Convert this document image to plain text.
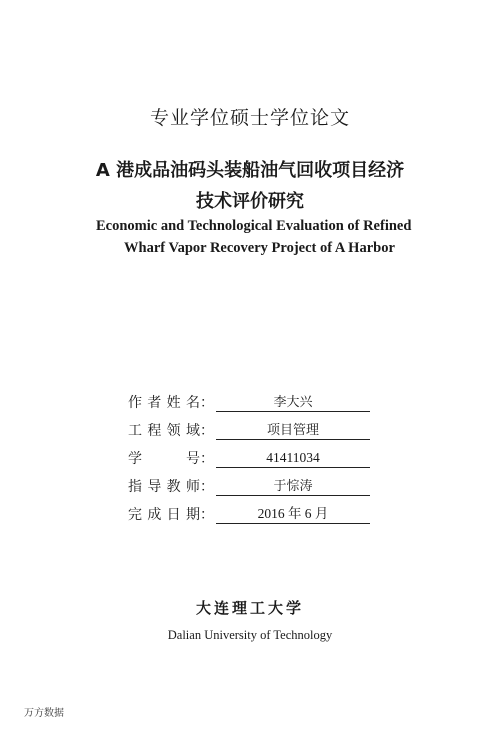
专业学位硕士学位论文
A 港成品油码头装船油气回收项目经济
技术评价研究
Economic and Technological Evaluation of Refined
Wharf Vapor Recovery Project of A Harbor
作 者 姓 名 ：	李大兴
工 程 领 域 ：	项目管理
学	号 ：	41411034
指 导 教 师 ：	于悰涛
完 成 日 期 ：	2016 年 6 月
大连理工大学
Dalian University of Technology
万方数据
